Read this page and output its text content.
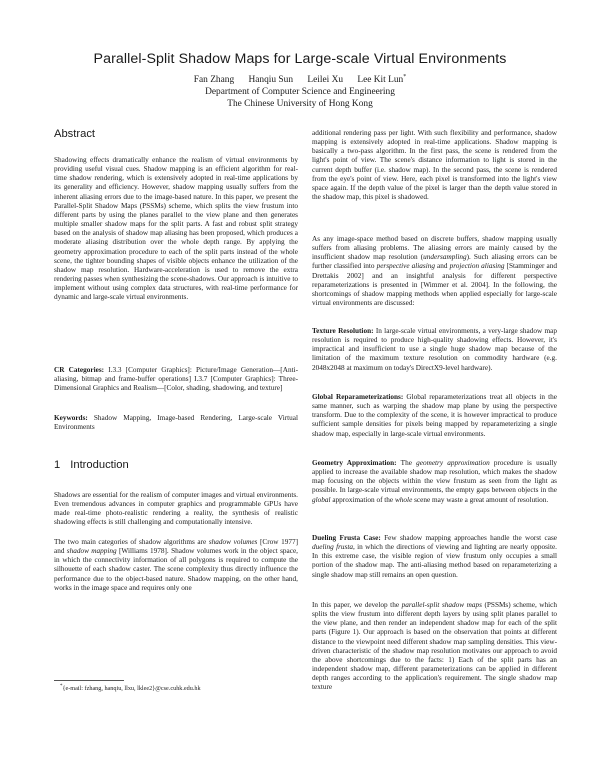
Parallel-Split Shadow Maps for Large-scale Virtual Environments
Fan Zhang Hanqiu Sun Leilei Xu Lee Kit Lun*
Department of Computer Science and Engineering
The Chinese University of Hong Kong
Abstract

Shadowing effects dramatically enhance the realism of virtual environments by providing useful visual cues. Shadow mapping is an efficient algorithm for real-time shadow rendering, which is extensively adopted in real-time applications by its generality and efficiency. However, shadow mapping usually suffers from the inherent aliasing errors due to the image-based nature. In this paper, we present the Parallel-Split Shadow Maps (PSSMs) scheme, which splits the view frustum into different parts by using the planes parallel to the view plane and then generates multiple smaller shadow maps for the split parts. A fast and robust split strategy based on the analysis of shadow map aliasing has been proposed, which produces a moderate aliasing distribution over the whole depth range. By applying the geometry approximation procedure to each of the split parts instead of the whole scene, the tighter bounding shapes of visible objects enhance the utilization of the shadow map resolution. Hardware-acceleration is used to remove the extra rendering passes when synthesizing the scene-shadows. Our approach is intuitive to implement without using complex data structures, with real-time performance for dynamic and large-scale virtual environments.

CR Categories: I.3.3 [Computer Graphics]: Picture/Image Generation—[Anti-aliasing, bitmap and frame-buffer operations] I.3.7 [Computer Graphics]: Three-Dimensional Graphics and Realism—[Color, shading, shadowing, and texture]

Keywords: Shadow Mapping, Image-based Rendering, Large-scale Virtual Environments

1 Introduction

Shadows are essential for the realism of computer images and virtual environments. Even tremendous advances in computer graphics and programmable GPUs have made real-time photo-realistic rendering a reality, the synthesis of realistic shadowing effects is still challenging and computationally intensive.

The two main categories of shadow algorithms are shadow volumes [Crow 1977] and shadow mapping [Williams 1978]. Shadow volumes work in the object space, in which the connectivity information of all polygons is required to compute the silhouette of each shadow caster. The scene complexity thus directly influence the performance due to the object-based nature. Shadow mapping, on the other hand, works in the image space and requires only one

*{e-mail: fzhang, hanqiu, llxu, lklee2}@cse.cuhk.edu.hk

additional rendering pass per light. With such flexibility and performance, shadow mapping is extensively adopted in real-time applications. Shadow mapping is basically a two-pass algorithm. In the first pass, the scene is rendered from the light's point of view. The scene's distance information to light is stored in the current depth buffer (i.e. shadow map). In the second pass, the scene is rendered from the eye's point of view. Here, each pixel is transformed into the light's view space again. If the depth value of the pixel is larger than the depth value stored in the shadow map, this pixel is shadowed.

As any image-space method based on discrete buffers, shadow mapping usually suffers from aliasing problems. The aliasing errors are mainly caused by the insufficient shadow map resolution (undersampling). Such aliasing errors can be further classified into perspective aliasing and projection aliasing [Stamminger and Drettakis 2002] and an insightful analysis for different perspective reparameterizations is presented in [Wimmer et al. 2004]. In the following, the shortcomings of shadow mapping methods when applied especially for large-scale virtual environments are discussed:

Texture Resolution: In large-scale virtual environments, a very-large shadow map resolution is required to produce high-quality shadowing effects. However, it's impractical and insufficient to use a single huge shadow map because of the limitation of the maximum texture resolution on commodity hardware (e.g. 2048x2048 at maximum on today's DirectX9-level hardware).

Global Reparameterizations: Global reparameterizations treat all objects in the same manner, such as warping the shadow map plane by using the perspective transform. Due to the complexity of the scene, it is however impractical to produce sufficient sample densities for pixels being mapped by reparameterizing a single shadow map, especially in large-scale virtual environments.

Geometry Approximation: The geometry approximation procedure is usually applied to increase the available shadow map resolution, which makes the shadow map focusing on the objects within the view frustum as seen from the light as possible. In large-scale virtual environments, the empty gaps between objects in the global approximation of the whole scene may waste a great amount of resolution.

Dueling Frusta Case: Few shadow mapping approaches handle the worst case dueling frusta, in which the directions of viewing and lighting are nearly opposite. In this extreme case, the visible region of view frustum only occupies a small portion of the shadow map. The anti-aliasing method based on reparameterizing a single shadow map still remains an open question.

In this paper, we develop the parallel-split shadow maps (PSSMs) scheme, which splits the view frustum into different depth layers by using split planes parallel to the view plane, and then render an independent shadow map for each of the split parts (Figure 1). Our approach is based on the observation that points at different distance to the viewpoint need different shadow map sampling densities. This view-driven characteristic of the shadow map resolution motivates our approach to avoid the above shortcomings due to the facts: 1) Each of the split parts has an independent shadow map, different parameterizations can be applied in different depth ranges according to the application's requirement. The single shadow map texture
